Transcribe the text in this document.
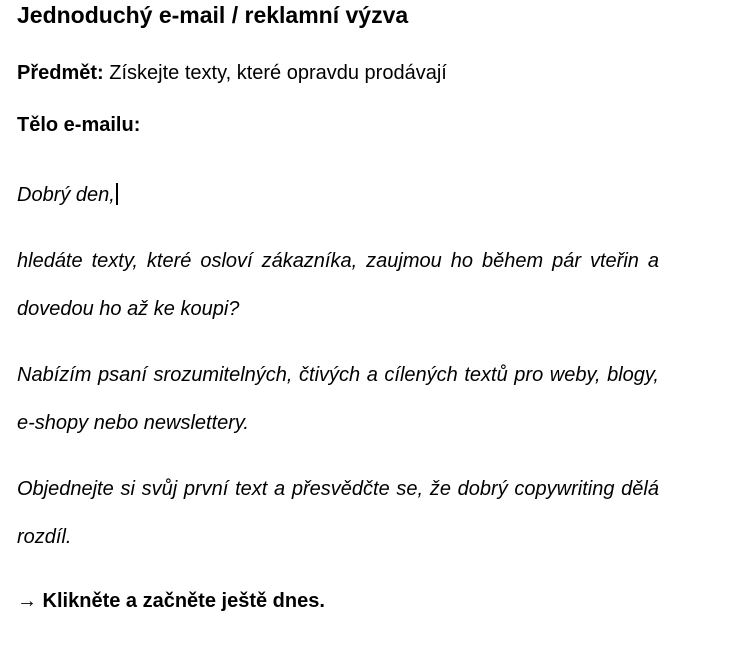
Jednoduchý e-mail / reklamní výzva
Předmět: Získejte texty, které opravdu prodávají
Tělo e-mailu:
Dobrý den,
hledáte texty, které osloví zákazníka, zaujmou ho během pár vteřin a dovedou ho až ke koupi?
Nabízím psaní srozumitelných, čtivých a cílených textů pro weby, blogy, e-shopy nebo newslettery.
Objednejte si svůj první text a přesvědčte se, že dobrý copywriting dělá rozdíl.
→ Klikněte a začněte ještě dnes.
